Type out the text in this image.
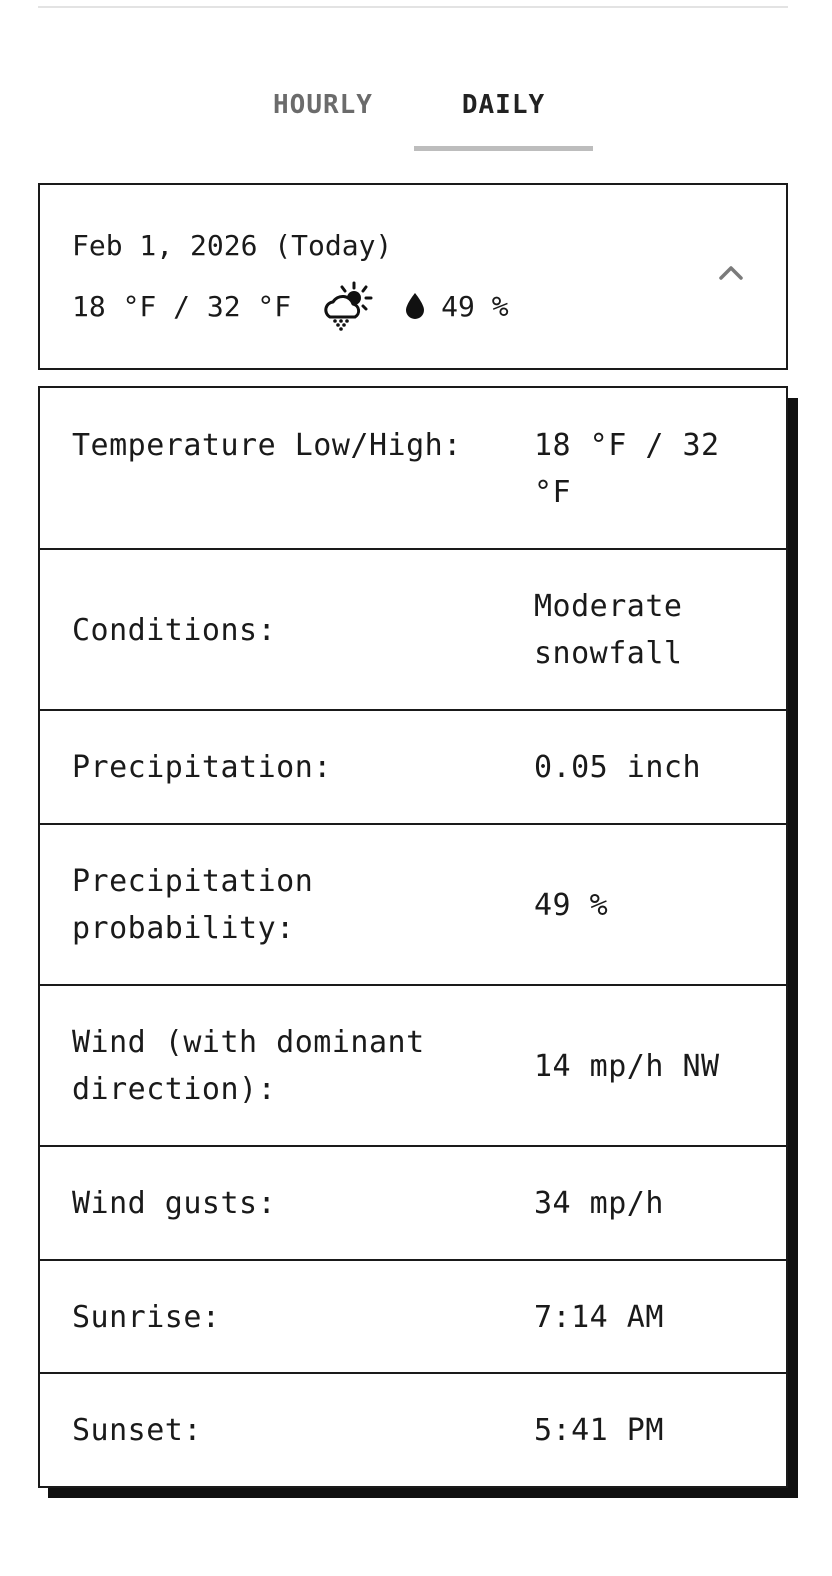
HOURLY	DAILY
Feb 1, 2026 (Today)
18 °F / 32 °F	49 %
Temperature Low/High:	18 °F / 32 °F
Conditions:
Moderate snowfall
Precipitation:	0.05 inch
Precipitation probability:
49 %
Wind (with dominant direction):
14 mp/h NW
Wind gusts:	34 mp/h
Sunrise:	7:14 AM
Sunset:	5:41 PM
